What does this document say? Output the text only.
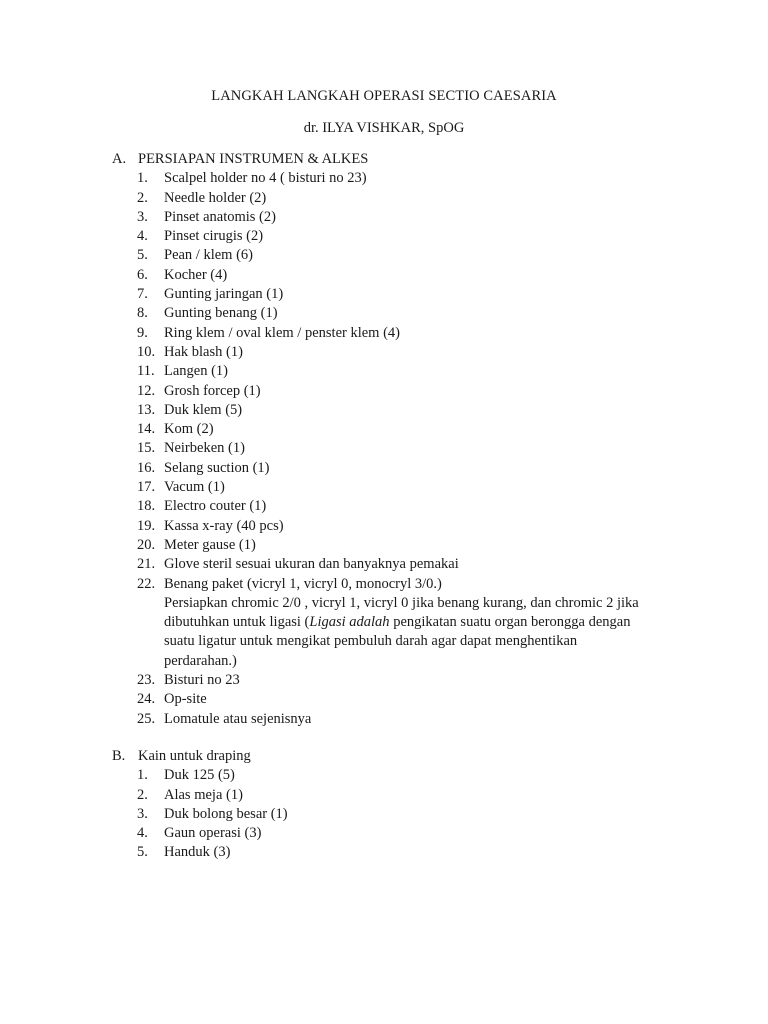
LANGKAH LANGKAH OPERASI SECTIO CAESARIA
dr. ILYA VISHKAR, SpOG
A. PERSIAPAN INSTRUMEN & ALKES
1.	Scalpel holder no 4 ( bisturi no 23)
2.	Needle holder (2)
3.	Pinset anatomis (2)
4.	Pinset cirugis (2)
5.	Pean / klem (6)
6.	Kocher (4)
7.	Gunting jaringan (1)
8.	Gunting benang (1)
9.	Ring klem / oval klem / penster klem (4)
10. Hak blash (1)
11. Langen (1)
12. Grosh forcep (1)
13. Duk klem (5)
14. Kom (2)
15. Neirbeken (1)
16. Selang suction (1)
17. Vacum (1)
18. Electro couter (1)
19. Kassa x-ray (40 pcs)
20. Meter gause (1)
21. Glove steril sesuai ukuran dan banyaknya pemakai
22. Benang paket (vicryl 1, vicryl 0, monocryl 3/0.)
Persiapkan chromic 2/0 , vicryl 1, vicryl 0 jika benang kurang, dan chromic 2 jika
dibutuhkan untuk ligasi (Ligasi adalah pengikatan suatu organ berongga dengan
suatu ligatur untuk mengikat pembuluh darah agar dapat menghentikan
perdarahan.)
23. Bisturi no 23
24. Op-site
25. Lomatule atau sejenisnya
B. Kain untuk draping
1.	Duk 125 (5)
2.	Alas meja (1)
3.	Duk bolong besar (1)
4.	Gaun operasi (3)
5.	Handuk (3)
